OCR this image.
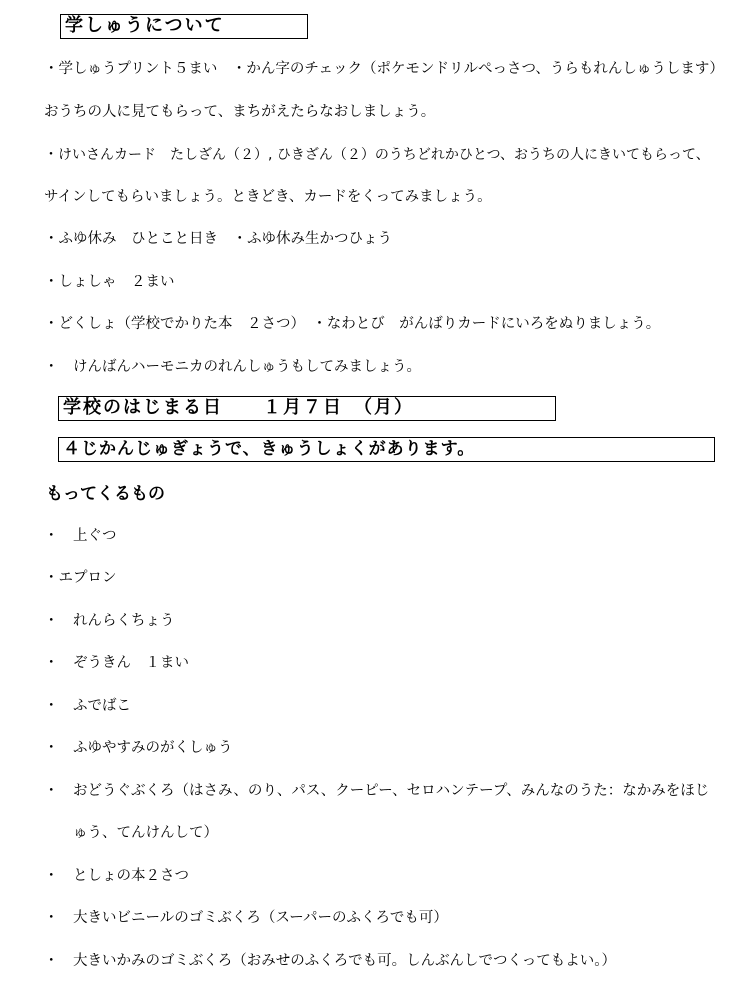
学しゅうについて
・学しゅうプリント５まい　・かん字のチェック（ポケモンドリルぺっさつ、うらもれんしゅうします）
おうちの人に見てもらって、まちがえたらなおしましょう。
・けいさんカード　たしざん（２）, ひきざん（２）のうちどれかひとつ、おうちの人にきいてもらって、
サインしてもらいましょう。ときどき、カードをくってみましょう。
・ふゆ休み　ひとこと日き　・ふゆ休み生かつひょう
・しょしゃ　２まい
・どくしょ（学校でかりた本　２さつ）　・なわとび　がんばりカードにいろをぬりましょう。
・　けんばんハーモニカのれんしゅうもしてみましょう。
学校のはじまる日　　１月７日　（月）
４じかんじゅぎょうで、きゅうしょくがあります。
もってくるもの
・　上ぐつ
・エプロン
・　れんらくちょう
・　ぞうきん　１まい
・　ふでばこ
・　ふゆやすみのがくしゅう
・　おどうぐぶくろ（はさみ、のり、パス、クーピー、セロハンテープ、みんなのうた：なかみをほじ
　　ゅう、てんけんして）
・　としょの本２さつ
・　大きいビニールのゴミぶくろ（スーパーのふくろでも可）
・　大きいかみのゴミぶくろ（おみせのふくろでも可。しんぶんしでつくってもよい。）
